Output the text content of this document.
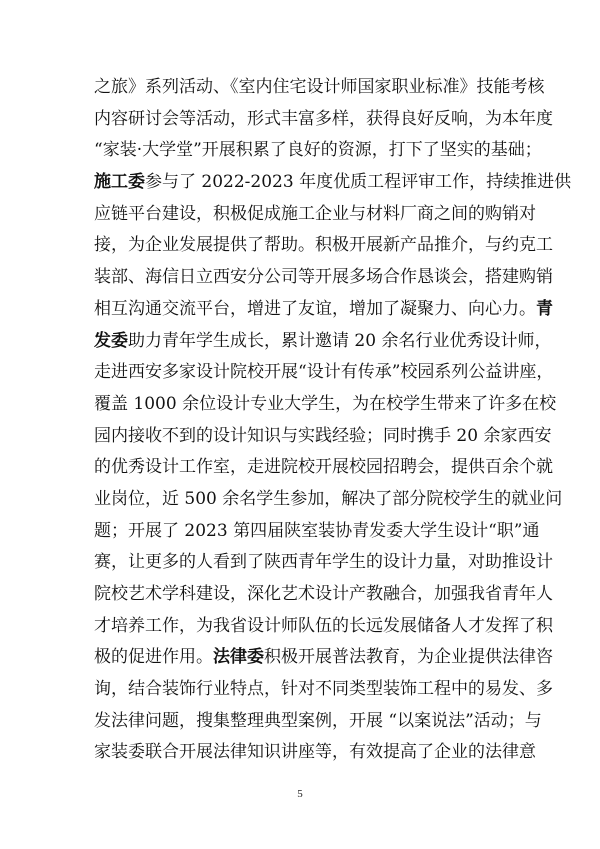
之旅》系列活动、《室内住宅设计师国家职业标准》技能考核
内容研讨会等活动，形式丰富多样，获得良好反响，为本年度
“家装·大学堂”开展积累了良好的资源，打下了坚实的基础；
施工委参与了 2022-2023 年度优质工程评审工作，持续推进供
应链平台建设，积极促成施工企业与材料厂商之间的购销对
接，为企业发展提供了帮助。积极开展新产品推介，与约克工
装部、海信日立西安分公司等开展多场合作恳谈会，搭建购销
相互沟通交流平台，增进了友谊，增加了凝聚力、向心力。青
发委助力青年学生成长，累计邀请 20 余名行业优秀设计师，
走进西安多家设计院校开展“设计有传承”校园系列公益讲座，
覆盖 1000 余位设计专业大学生，为在校学生带来了许多在校
园内接收不到的设计知识与实践经验；同时携手 20 余家西安
的优秀设计工作室，走进院校开展校园招聘会，提供百余个就
业岗位，近 500 余名学生参加，解决了部分院校学生的就业问
题；开展了 2023 第四届陕室装协青发委大学生设计“职”通
赛，让更多的人看到了陕西青年学生的设计力量，对助推设计
院校艺术学科建设，深化艺术设计产教融合，加强我省青年人
才培养工作，为我省设计师队伍的长远发展储备人才发挥了积
极的促进作用。法律委积极开展普法教育，为企业提供法律咨
询，结合装饰行业特点，针对不同类型装饰工程中的易发、多
发法律问题，搜集整理典型案例，开展 “以案说法”活动；与
家装委联合开展法律知识讲座等，有效提高了企业的法律意
5
